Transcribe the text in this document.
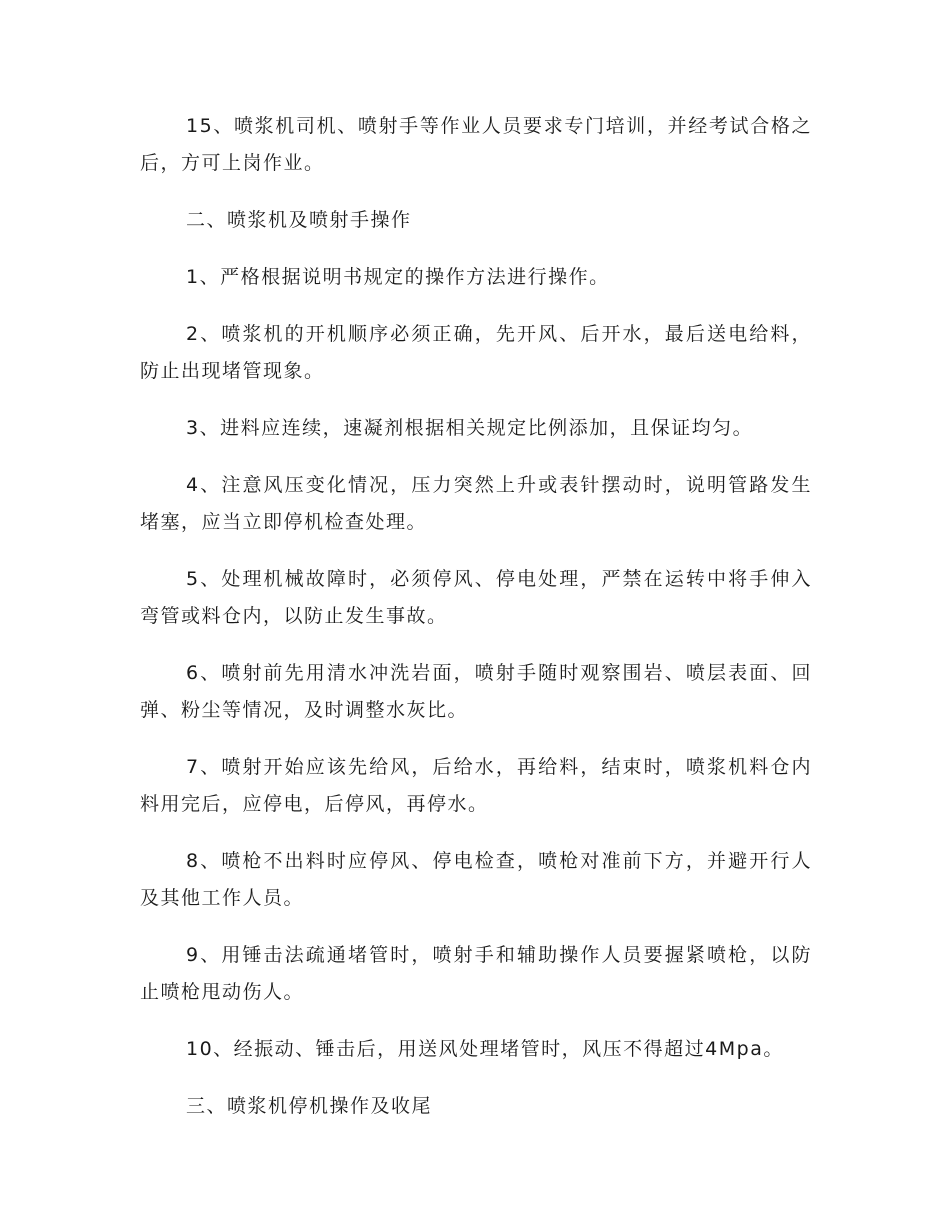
15、喷浆机司机、喷射手等作业人员要求专门培训，并经考试合格之后，方可上岗作业。

二、喷浆机及喷射手操作

1、严格根据说明书规定的操作方法进行操作。

2、喷浆机的开机顺序必须正确，先开风、后开水，最后送电给料，防止出现堵管现象。

3、进料应连续，速凝剂根据相关规定比例添加，且保证均匀。

4、注意风压变化情况，压力突然上升或表针摆动时，说明管路发生堵塞，应当立即停机检查处理。

5、处理机械故障时，必须停风、停电处理，严禁在运转中将手伸入弯管或料仓内，以防止发生事故。

6、喷射前先用清水冲洗岩面，喷射手随时观察围岩、喷层表面、回弹、粉尘等情况，及时调整水灰比。

7、喷射开始应该先给风，后给水，再给料，结束时，喷浆机料仓内料用完后，应停电，后停风，再停水。

8、喷枪不出料时应停风、停电检查，喷枪对准前下方，并避开行人及其他工作人员。

9、用锤击法疏通堵管时，喷射手和辅助操作人员要握紧喷枪，以防止喷枪甩动伤人。

10、经振动、锤击后，用送风处理堵管时，风压不得超过4Mpa。

三、喷浆机停机操作及收尾
